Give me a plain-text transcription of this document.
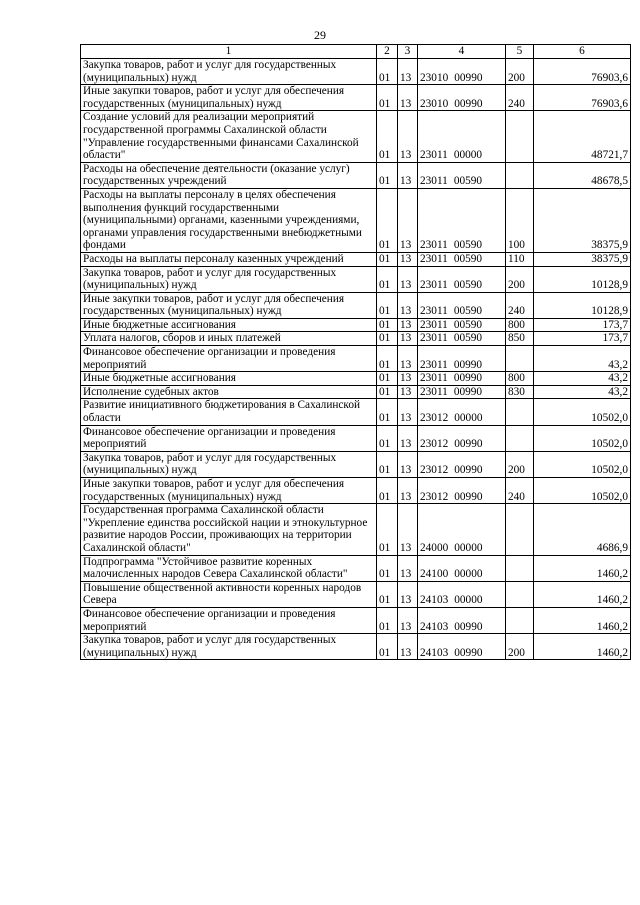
29
1	2	3	4	5	6
Закупка товаров, работ и услуг для государственных (муниципальных) нужд	01	13	23010 00990	200	76903,6
Иные закупки товаров, работ и услуг для обеспечения государственных (муниципальных) нужд	01	13	23010 00990	240	76903,6
Создание условий для реализации мероприятий государственной программы Сахалинской области "Управление государственными финансами Сахалинской области"	01	13	23011 00000		48721,7
Расходы на обеспечение деятельности (оказание услуг) государственных учреждений	01	13	23011 00590		48678,5
Расходы на выплаты персоналу в целях обеспечения выполнения функций государственными (муниципальными) органами, казенными учреждениями, органами управления государственными внебюджетными фондами	01	13	23011 00590	100	38375,9
Расходы на выплаты персоналу казенных учреждений	01	13	23011 00590	110	38375,9
Закупка товаров, работ и услуг для государственных (муниципальных) нужд	01	13	23011 00590	200	10128,9
Иные закупки товаров, работ и услуг для обеспечения государственных (муниципальных) нужд	01	13	23011 00590	240	10128,9
Иные бюджетные ассигнования	01	13	23011 00590	800	173,7
Уплата налогов, сборов и иных платежей	01	13	23011 00590	850	173,7
Финансовое обеспечение организации и проведения мероприятий	01	13	23011 00990		43,2
Иные бюджетные ассигнования	01	13	23011 00990	800	43,2
Исполнение судебных актов	01	13	23011 00990	830	43,2
Развитие инициативного бюджетирования в Сахалинской области	01	13	23012 00000		10502,0
Финансовое обеспечение организации и проведения мероприятий	01	13	23012 00990		10502,0
Закупка товаров, работ и услуг для государственных (муниципальных) нужд	01	13	23012 00990	200	10502,0
Иные закупки товаров, работ и услуг для обеспечения государственных (муниципальных) нужд	01	13	23012 00990	240	10502,0
Государственная программа Сахалинской области "Укрепление единства российской нации и этнокультурное развитие народов России, проживающих на территории Сахалинской области"	01	13	24000 00000		4686,9
Подпрограмма "Устойчивое развитие коренных малочисленных народов Севера Сахалинской области"	01	13	24100 00000		1460,2
Повышение общественной активности коренных народов Севера	01	13	24103 00000		1460,2
Финансовое обеспечение организации и проведения мероприятий	01	13	24103 00990		1460,2
Закупка товаров, работ и услуг для государственных (муниципальных) нужд	01	13	24103 00990	200	1460,2
